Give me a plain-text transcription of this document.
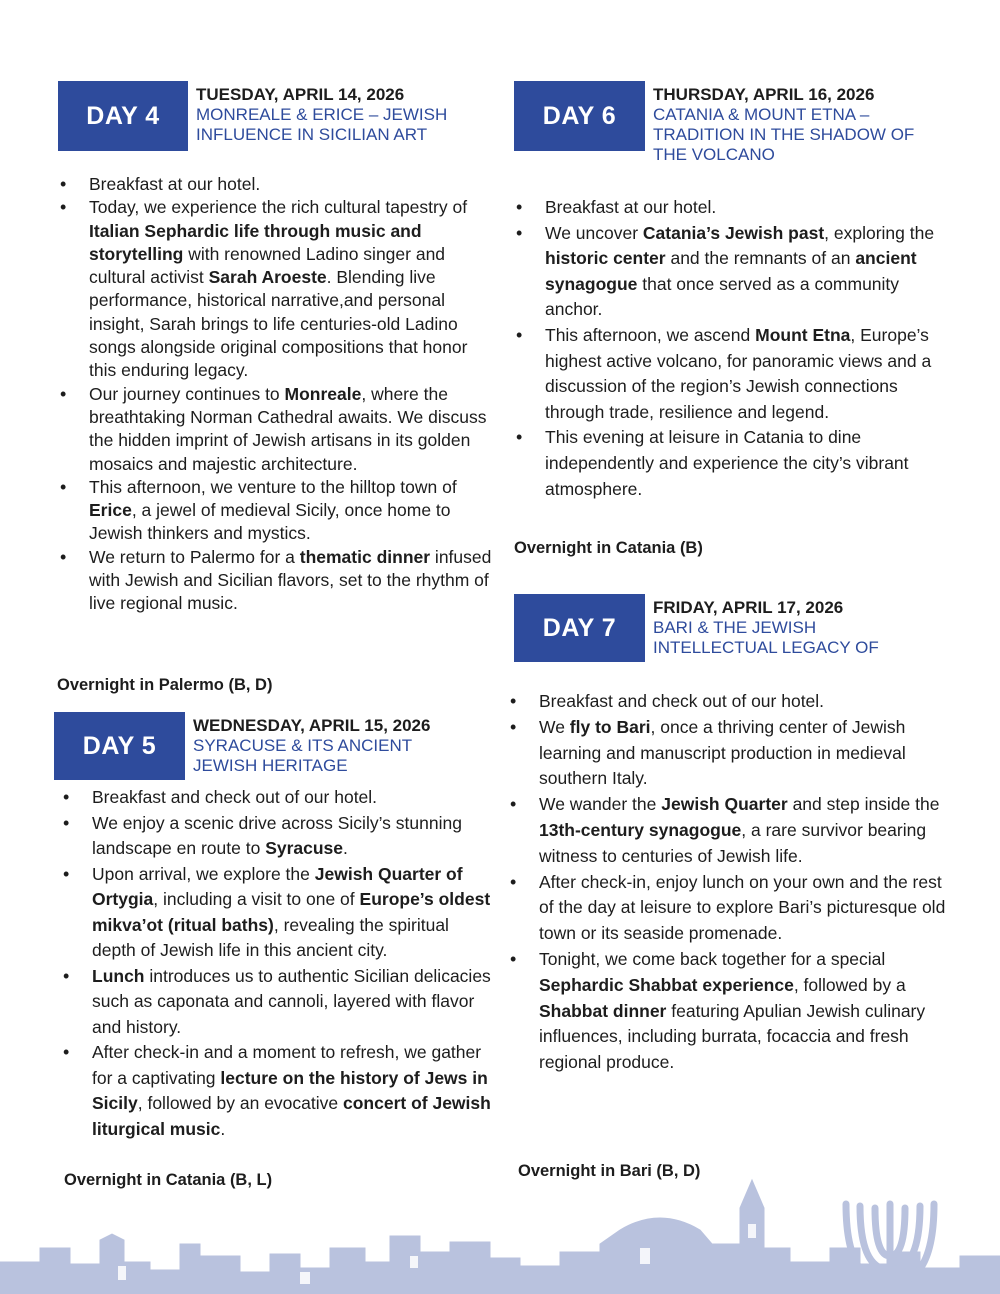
DAY 4
TUESDAY, APRIL 14, 2026
MONREALE & ERICE – JEWISH
INFLUENCE IN SICILIAN ART
• Breakfast at our hotel.
• Today, we experience the rich cultural tapestry of Italian Sephardic life through music and storytelling with renowned Ladino singer and cultural activist Sarah Aroeste. Blending live performance, historical narrative,and personal insight, Sarah brings to life centuries-old Ladino songs alongside original compositions that honor this enduring legacy.
• Our journey continues to Monreale, where the breathtaking Norman Cathedral awaits. We discuss the hidden imprint of Jewish artisans in its golden mosaics and majestic architecture.
• This afternoon, we venture to the hilltop town of Erice, a jewel of medieval Sicily, once home to Jewish thinkers and mystics.
• We return to Palermo for a thematic dinner infused with Jewish and Sicilian flavors, set to the rhythm of live regional music.
Overnight in Palermo (B, D)
DAY 5
WEDNESDAY, APRIL 15, 2026
SYRACUSE & ITS ANCIENT
JEWISH HERITAGE
• Breakfast and check out of our hotel.
• We enjoy a scenic drive across Sicily’s stunning landscape en route to Syracuse.
• Upon arrival, we explore the Jewish Quarter of Ortygia, including a visit to one of Europe’s oldest mikva’ot (ritual baths), revealing the spiritual depth of Jewish life in this ancient city.
• Lunch introduces us to authentic Sicilian delicacies such as caponata and cannoli, layered with flavor and history.
• After check-in and a moment to refresh, we gather for a captivating lecture on the history of Jews in Sicily, followed by an evocative concert of Jewish liturgical music.
Overnight in Catania (B, L)
DAY 6
THURSDAY, APRIL 16, 2026
CATANIA & MOUNT ETNA –
TRADITION IN THE SHADOW OF
THE VOLCANO
• Breakfast at our hotel.
• We uncover Catania’s Jewish past, exploring the historic center and the remnants of an ancient synagogue that once served as a community anchor.
• This afternoon, we ascend Mount Etna, Europe’s highest active volcano, for panoramic views and a discussion of the region’s Jewish connections through trade, resilience and legend.
• This evening at leisure in Catania to dine independently and experience the city’s vibrant atmosphere.
Overnight in Catania (B)
DAY 7
FRIDAY, APRIL 17, 2026
BARI & THE JEWISH
INTELLECTUAL LEGACY OF
• Breakfast and check out of our hotel.
• We fly to Bari, once a thriving center of Jewish learning and manuscript production in medieval southern Italy.
• We wander the Jewish Quarter and step inside the 13th-century synagogue, a rare survivor bearing witness to centuries of Jewish life.
• After check-in, enjoy lunch on your own and the rest of the day at leisure to explore Bari’s picturesque old town or its seaside promenade.
• Tonight, we come back together for a special Sephardic Shabbat experience, followed by a Shabbat dinner featuring Apulian Jewish culinary influences, including burrata, focaccia and fresh regional produce.
Overnight in Bari (B, D)
